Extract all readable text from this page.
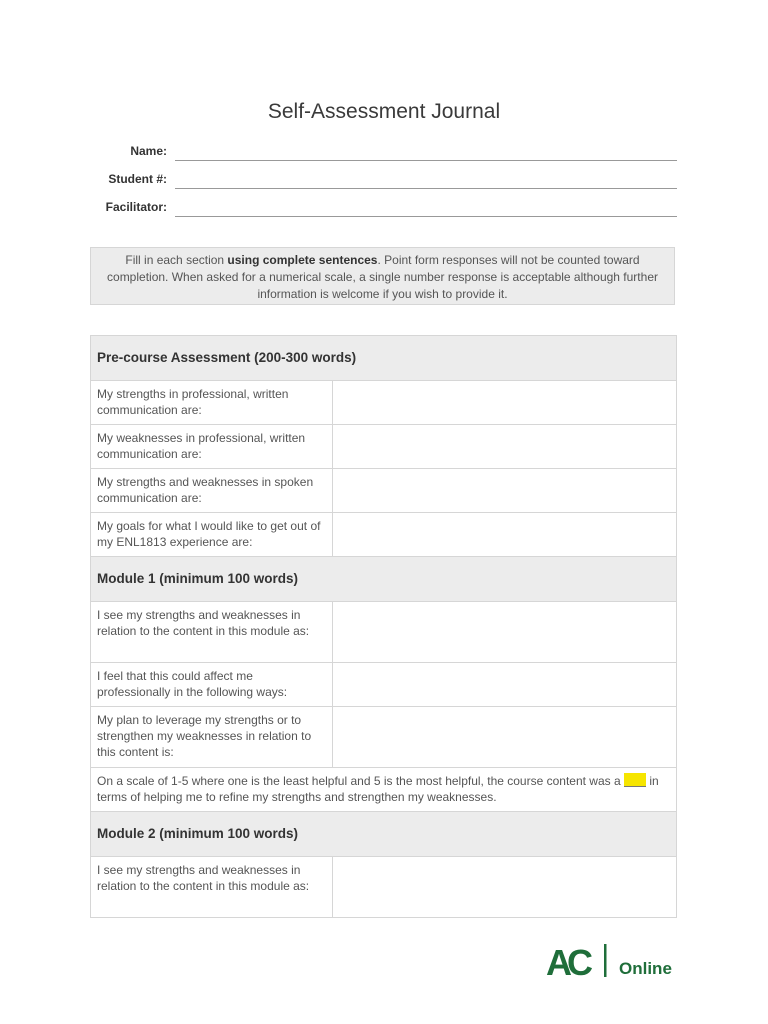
Self-Assessment Journal
Name:
Student #:
Facilitator:
Fill in each section using complete sentences. Point form responses will not be counted toward completion. When asked for a numerical scale, a single number response is acceptable although further information is welcome if you wish to provide it.
Pre-course Assessment (200-300 words)	
My strengths in professional, written communication are:	
My weaknesses in professional, written communication are:	
My strengths and weaknesses in spoken communication are:	
My goals for what I would like to get out of my ENL1813 experience are:	
Module 1 (minimum 100 words)	
I see my strengths and weaknesses in relation to the content in this module as:	
I feel that this could affect me professionally in the following ways:	
My plan to leverage my strengths or to strengthen my weaknesses in relation to this content is:	
On a scale of 1-5 where one is the least helpful and 5 is the most helpful, the course content was a  in terms of helping me to refine my strengths and strengthen my weaknesses.	
Module 2 (minimum 100 words)	
I see my strengths and weaknesses in relation to the content in this module as:	
AC Online
